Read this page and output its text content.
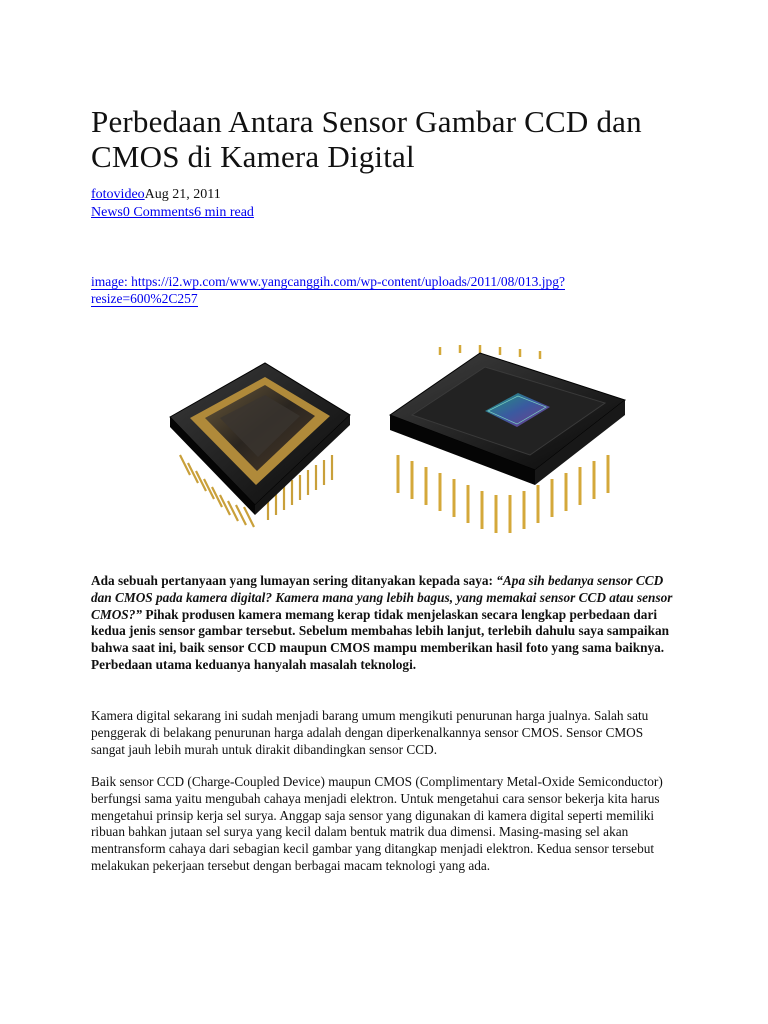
Perbedaan Antara Sensor Gambar CCD dan CMOS di Kamera Digital
fotovideoAug 21, 2011
News0 Comments6 min read
image: https://i2.wp.com/www.yangcanggih.com/wp-content/uploads/2011/08/013.jpg?resize=600%2C257

Ada sebuah pertanyaan yang lumayan sering ditanyakan kepada saya: “Apa sih bedanya sensor CCD dan CMOS pada kamera digital? Kamera mana yang lebih bagus, yang memakai sensor CCD atau sensor CMOS?” Pihak produsen kamera memang kerap tidak menjelaskan secara lengkap perbedaan dari kedua jenis sensor gambar tersebut. Sebelum membahas lebih lanjut, terlebih dahulu saya sampaikan bahwa saat ini, baik sensor CCD maupun CMOS mampu memberikan hasil foto yang sama baiknya. Perbedaan utama keduanya hanyalah masalah teknologi.

Kamera digital sekarang ini sudah menjadi barang umum mengikuti penurunan harga jualnya. Salah satu penggerak di belakang penurunan harga adalah dengan diperkenalkannya sensor CMOS. Sensor CMOS sangat jauh lebih murah untuk dirakit dibandingkan sensor CCD.

Baik sensor CCD (Charge-Coupled Device) maupun CMOS (Complimentary Metal-Oxide Semiconductor) berfungsi sama yaitu mengubah cahaya menjadi elektron. Untuk mengetahui cara sensor bekerja kita harus mengetahui prinsip kerja sel surya. Anggap saja sensor yang digunakan di kamera digital seperti memiliki ribuan bahkan jutaan sel surya yang kecil dalam bentuk matrik dua dimensi. Masing-masing sel akan mentransform cahaya dari sebagian kecil gambar yang ditangkap menjadi elektron. Kedua sensor tersebut melakukan pekerjaan tersebut dengan berbagai macam teknologi yang ada.
